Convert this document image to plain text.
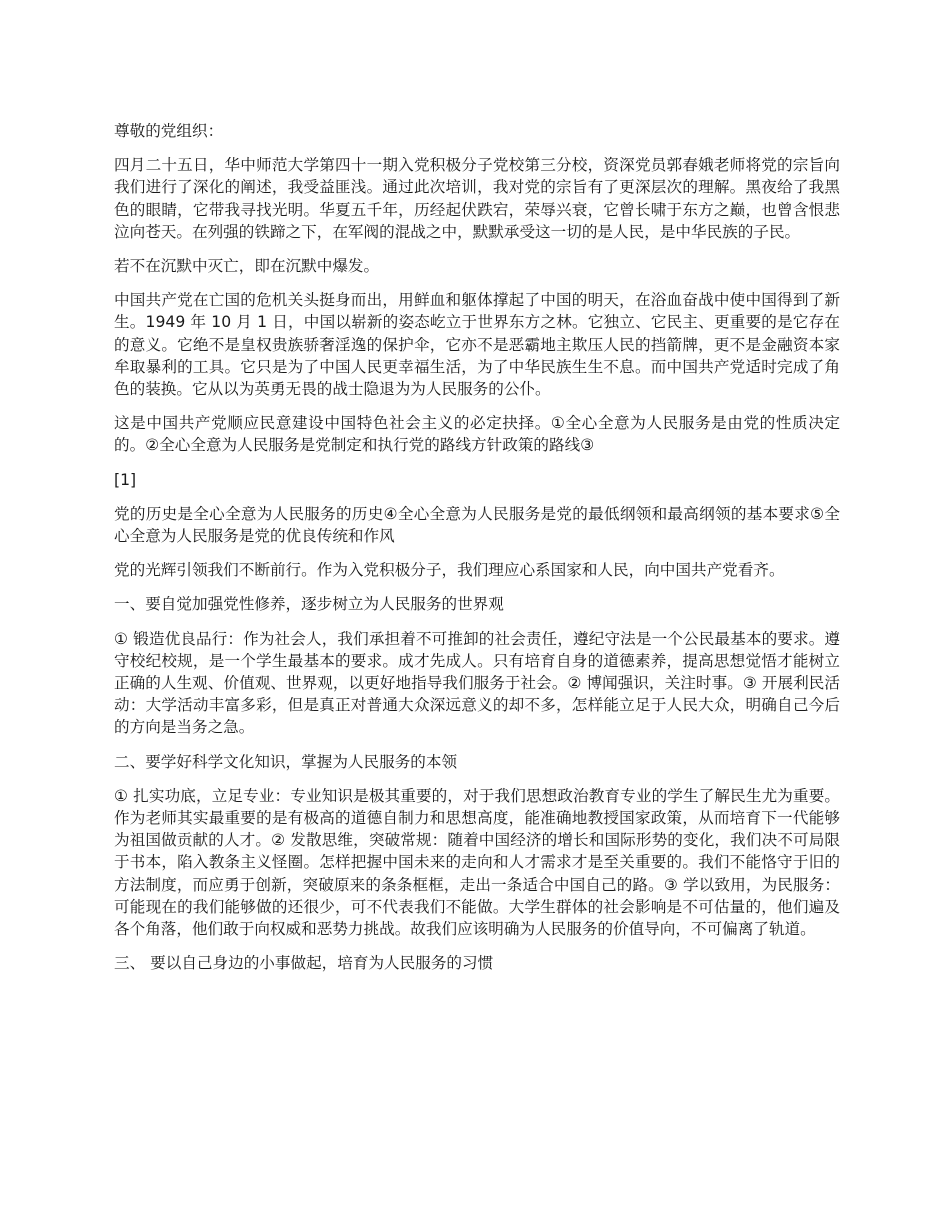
尊敬的党组织：

四月二十五日，华中师范大学第四十一期入党积极分子党校第三分校，资深党员郭春娥老师将党的宗旨向我们进行了深化的阐述，我受益匪浅。通过此次培训，我对党的宗旨有了更深层次的理解。黑夜给了我黑色的眼睛，它带我寻找光明。华夏五千年，历经起伏跌宕，荣辱兴衰，它曾长啸于东方之巅，也曾含恨悲泣向苍天。在列强的铁蹄之下，在军阀的混战之中，默默承受这一切的是人民，是中华民族的子民。

若不在沉默中灭亡，即在沉默中爆发。

中国共产党在亡国的危机关头挺身而出，用鲜血和躯体撑起了中国的明天，在浴血奋战中使中国得到了新生。1949 年 10 月 1 日，中国以崭新的姿态屹立于世界东方之林。它独立、它民主、更重要的是它存在的意义。它绝不是皇权贵族骄奢淫逸的保护伞，它亦不是恶霸地主欺压人民的挡箭牌，更不是金融资本家牟取暴利的工具。它只是为了中国人民更幸福生活，为了中华民族生生不息。而中国共产党适时完成了角色的装换。它从以为英勇无畏的战士隐退为为人民服务的公仆。

这是中国共产党顺应民意建设中国特色社会主义的必定抉择。①全心全意为人民服务是由党的性质决定的。②全心全意为人民服务是党制定和执行党的路线方针政策的路线③

[1]

党的历史是全心全意为人民服务的历史④全心全意为人民服务是党的最低纲领和最高纲领的基本要求⑤全心全意为人民服务是党的优良传统和作风

党的光辉引领我们不断前行。作为入党积极分子，我们理应心系国家和人民，向中国共产党看齐。

一、要自觉加强党性修养，逐步树立为人民服务的世界观

① 锻造优良品行：作为社会人，我们承担着不可推卸的社会责任，遵纪守法是一个公民最基本的要求。遵守校纪校规，是一个学生最基本的要求。成才先成人。只有培育自身的道德素养，提高思想觉悟才能树立正确的人生观、价值观、世界观，以更好地指导我们服务于社会。② 博闻强识，关注时事。③ 开展利民活动：大学活动丰富多彩，但是真正对普通大众深远意义的却不多，怎样能立足于人民大众，明确自己今后的方向是当务之急。

二、要学好科学文化知识，掌握为人民服务的本领

① 扎实功底，立足专业：专业知识是极其重要的，对于我们思想政治教育专业的学生了解民生尤为重要。作为老师其实最重要的是有极高的道德自制力和思想高度，能准确地教授国家政策，从而培育下一代能够为祖国做贡献的人才。② 发散思维，突破常规：随着中国经济的增长和国际形势的变化，我们决不可局限于书本，陷入教条主义怪圈。怎样把握中国未来的走向和人才需求才是至关重要的。我们不能恪守于旧的方法制度，而应勇于创新，突破原来的条条框框，走出一条适合中国自己的路。③ 学以致用，为民服务：可能现在的我们能够做的还很少，可不代表我们不能做。大学生群体的社会影响是不可估量的，他们遍及各个角落，他们敢于向权威和恶势力挑战。故我们应该明确为人民服务的价值导向，不可偏离了轨道。

三、 要以自己身边的小事做起，培育为人民服务的习惯
